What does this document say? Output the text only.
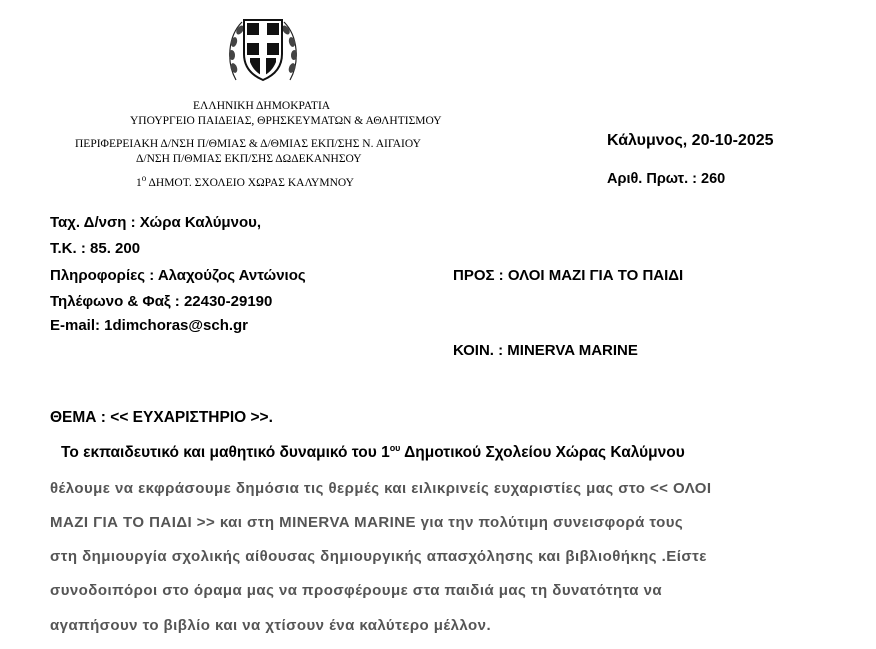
ΕΛΛΗΝΙΚΗ ΔΗΜΟΚΡΑΤΙΑ
ΥΠΟΥΡΓΕΙΟ ΠΑΙΔΕΙΑΣ, ΘΡΗΣΚΕΥΜΑΤΩΝ & ΑΘΛΗΤΙΣΜΟΥ
ΠΕΡΙΦΕΡΕΙΑΚΗ Δ/ΝΣΗ Π/ΘΜΙΑΣ & Δ/ΘΜΙΑΣ ΕΚΠ/ΣΗΣ Ν. ΑΙΓΑΙΟΥ
Δ/ΝΣΗ Π/ΘΜΙΑΣ ΕΚΠ/ΣΗΣ ΔΩΔΕΚΑΝΗΣΟΥ
$1^o$ ΔΗΜΟΤ. ΣΧΟΛΕΙΟ ΧΩΡΑΣ ΚΑΛΥΜΝΟΥ
Κάλυμνος, 20-10-2025
Αριθ. Πρωτ. : 260
Ταχ. Δ/νση : Χώρα Καλύμνου,
Τ.Κ. : 85. 200
Πληροφορίες : Αλαχούζος Αντώνιος
Τηλέφωνο & Φαξ : 22430-29190
E-mail: 1dimchoras@sch.gr
ΠΡΟΣ : ΟΛΟΙ ΜΑΖΙ ΓΙΑ ΤΟ ΠΑΙΔΙ
ΚΟΙΝ. : MINERVA MARINE
ΘΕΜΑ : << ΕΥΧΑΡΙΣΤΗΡΙΟ >>.
Το εκπαιδευτικό και μαθητικό δυναμικό του $1^{o\upsilon}$ Δημοτικού Σχολείου Χώρας Καλύμνου
θέλουμε να εκφράσουμε δημόσια τις θερμές και ειλικρινείς ευχαριστίες μας στο << ΟΛΟΙ
ΜΑΖΙ ΓΙΑ ΤΟ ΠΑΙΔΙ >> και στη MINERVA MARINE για την πολύτιμη συνεισφορά τους
στη δημιουργία σχολικής αίθουσας δημιουργικής απασχόλησης και βιβλιοθήκης .Είστε
συνοδοιπόροι στο όραμα μας να προσφέρουμε στα παιδιά μας τη δυνατότητα να
αγαπήσουν το βιβλίο και να χτίσουν ένα καλύτερο μέλλον.
